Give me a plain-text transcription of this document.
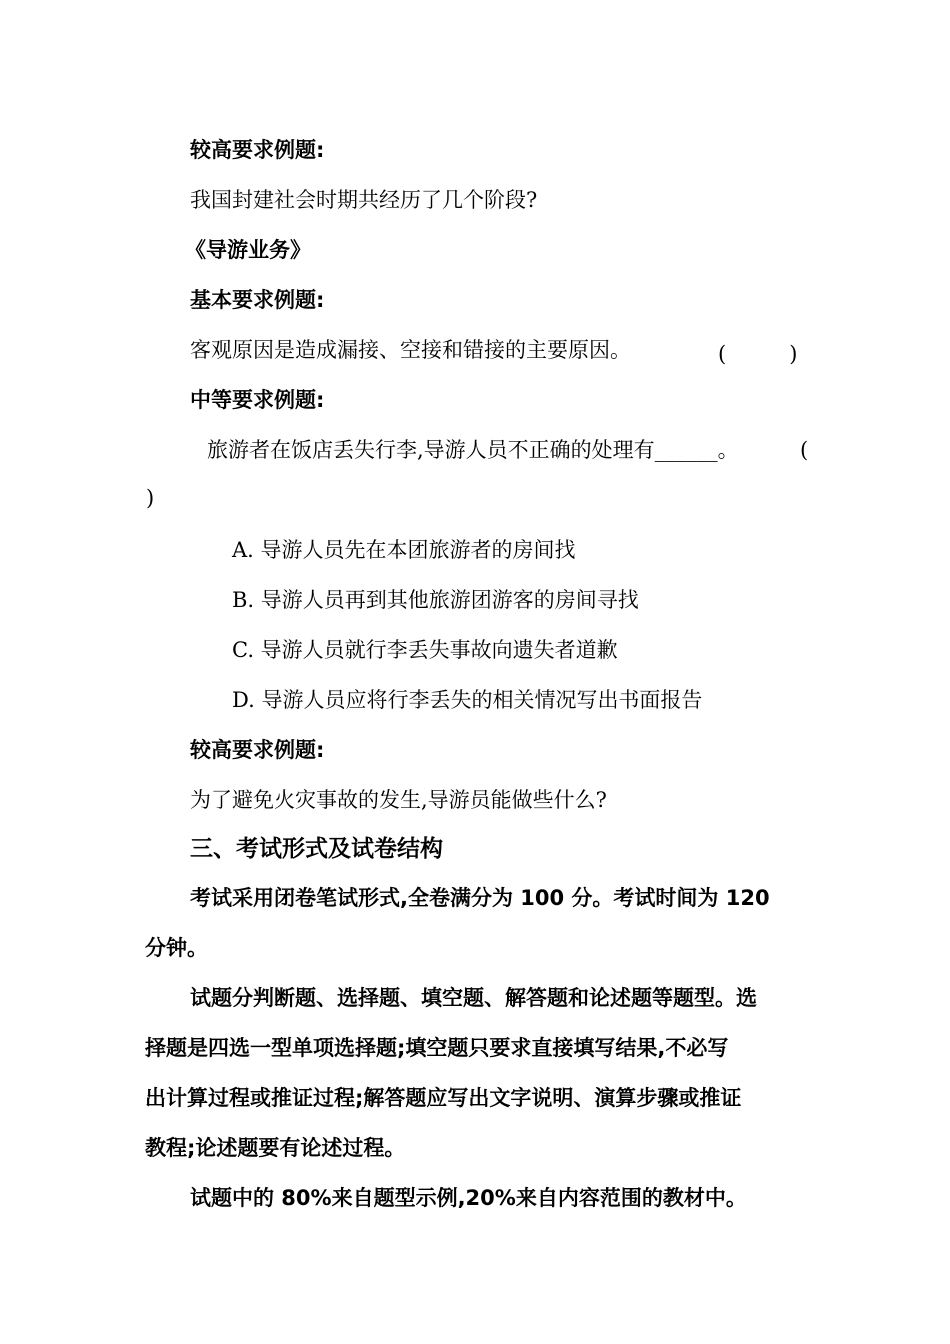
较高要求例题:
我国封建社会时期共经历了几个阶段?
《导游业务》
基本要求例题:
客观原因是造成漏接、空接和错接的主要原因。	(　　　)
中等要求例题:
旅游者在饭店丢失行李,导游人员不正确的处理有______。	(
)
A. 导游人员先在本团旅游者的房间找
B. 导游人员再到其他旅游团游客的房间寻找
C. 导游人员就行李丢失事故向遗失者道歉
D. 导游人员应将行李丢失的相关情况写出书面报告
较高要求例题:
为了避免火灾事故的发生,导游员能做些什么?
三、考试形式及试卷结构
考试采用闭卷笔试形式,全卷满分为 100 分。考试时间为 120
分钟。
试题分判断题、选择题、填空题、解答题和论述题等题型。选
择题是四选一型单项选择题;填空题只要求直接填写结果,不必写
出计算过程或推证过程;解答题应写出文字说明、演算步骤或推证
教程;论述题要有论述过程。
试题中的 80%来自题型示例,20%来自内容范围的教材中。
